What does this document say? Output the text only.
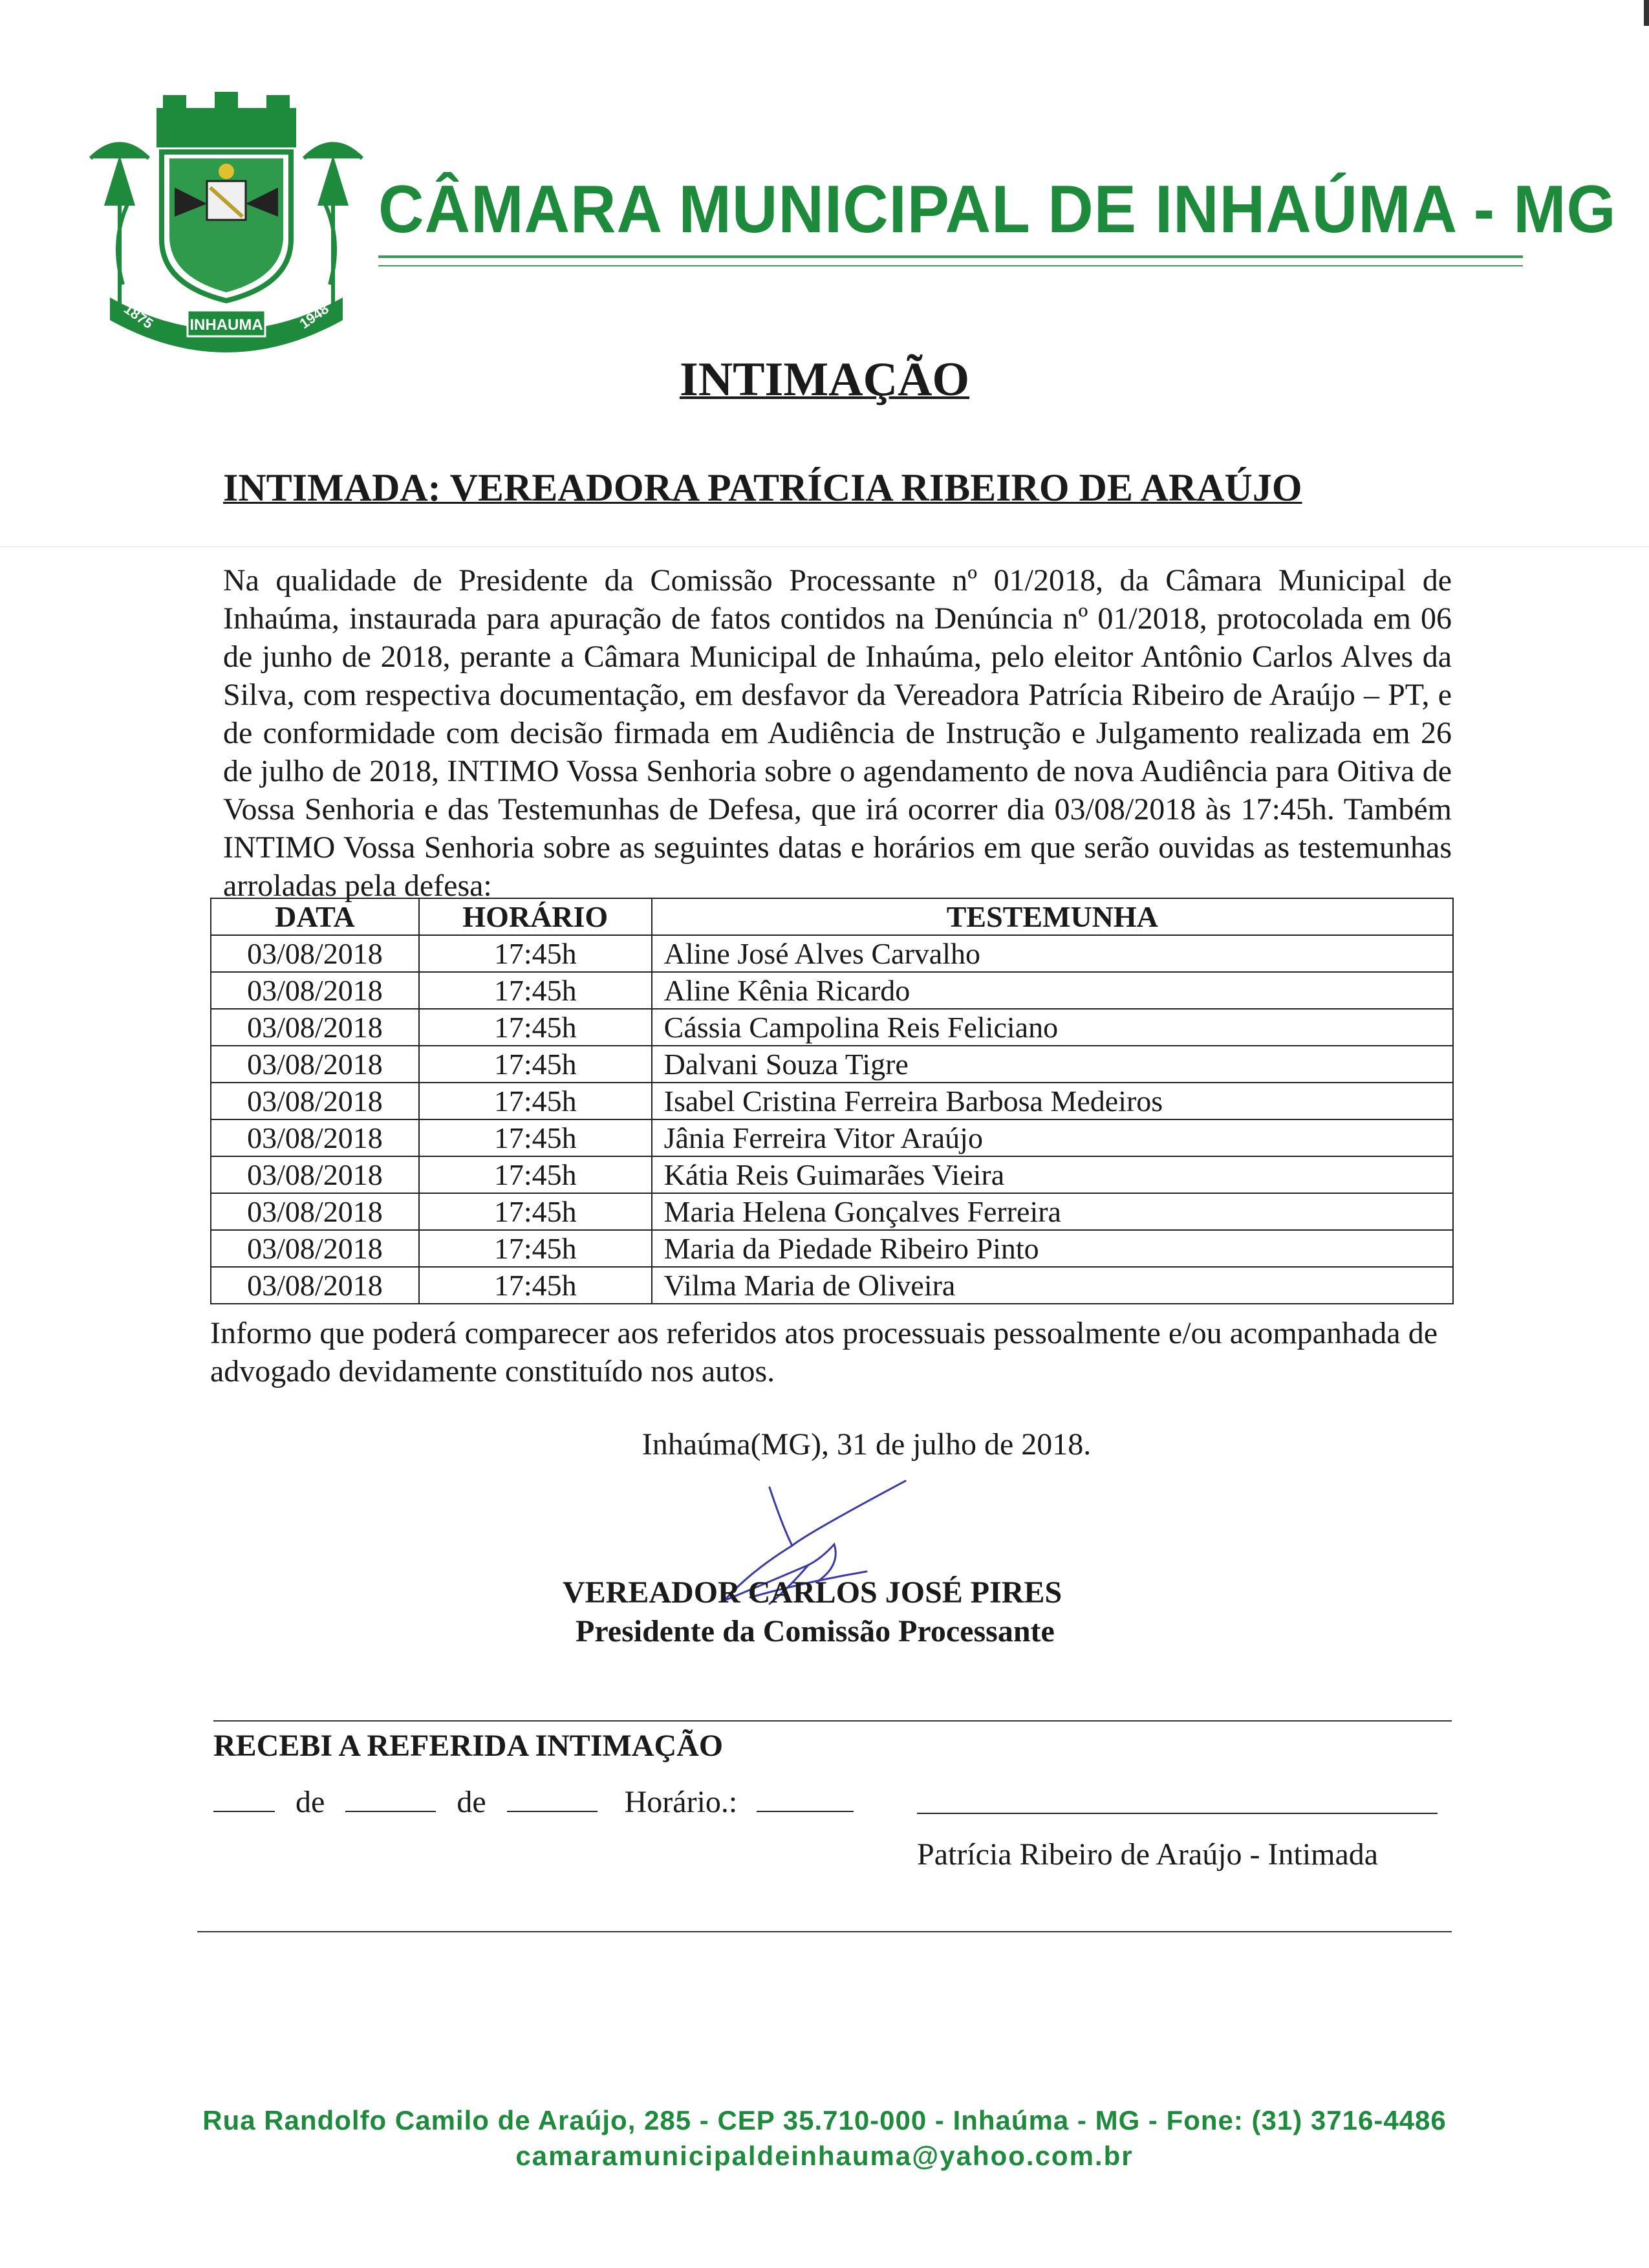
INHAUMA
1875	1948
CÂMARA MUNICIPAL DE INHAÚMA - MG
INTIMAÇÃO
INTIMADA: VEREADORA PATRÍCIA RIBEIRO DE ARAÚJO
Na qualidade de Presidente da Comissão Processante nº 01/2018, da Câmara Municipal de Inhaúma, instaurada para apuração de fatos contidos na Denúncia nº 01/2018, protocolada em 06 de junho de 2018, perante a Câmara Municipal de Inhaúma, pelo eleitor Antônio Carlos Alves da Silva, com respectiva documentação, em desfavor da Vereadora Patrícia Ribeiro de Araújo – PT, e de conformidade com decisão firmada em Audiência de Instrução e Julgamento realizada em 26 de julho de 2018, INTIMO Vossa Senhoria sobre o agendamento de nova Audiência para Oitiva de Vossa Senhoria e das Testemunhas de Defesa, que irá ocorrer dia 03/08/2018 às 17:45h. Também INTIMO Vossa Senhoria sobre as seguintes datas e horários em que serão ouvidas as testemunhas arroladas pela defesa:
DATA	HORÁRIO	TESTEMUNHA
03/08/2018	17:45h	Aline José Alves Carvalho
03/08/2018	17:45h	Aline Kênia Ricardo
03/08/2018	17:45h	Cássia Campolina Reis Feliciano
03/08/2018	17:45h	Dalvani Souza Tigre
03/08/2018	17:45h	Isabel Cristina Ferreira Barbosa Medeiros
03/08/2018	17:45h	Jânia Ferreira Vitor Araújo
03/08/2018	17:45h	Kátia Reis Guimarães Vieira
03/08/2018	17:45h	Maria Helena Gonçalves Ferreira
03/08/2018	17:45h	Maria da Piedade Ribeiro Pinto
03/08/2018	17:45h	Vilma Maria de Oliveira
Informo que poderá comparecer aos referidos atos processuais pessoalmente e/ou acompanhada de advogado devidamente constituído nos autos.
Inhaúma(MG), 31 de julho de 2018.
VEREADOR CARLOS JOSÉ PIRES
Presidente da Comissão Processante
RECEBI A REFERIDA INTIMAÇÃO
de	de	Horário.:
Patrícia Ribeiro de Araújo - Intimada
Rua Randolfo Camilo de Araújo, 285 - CEP 35.710-000 - Inhaúma - MG - Fone: (31) 3716-4486
camaramunicipaldeinhauma@yahoo.com.br
